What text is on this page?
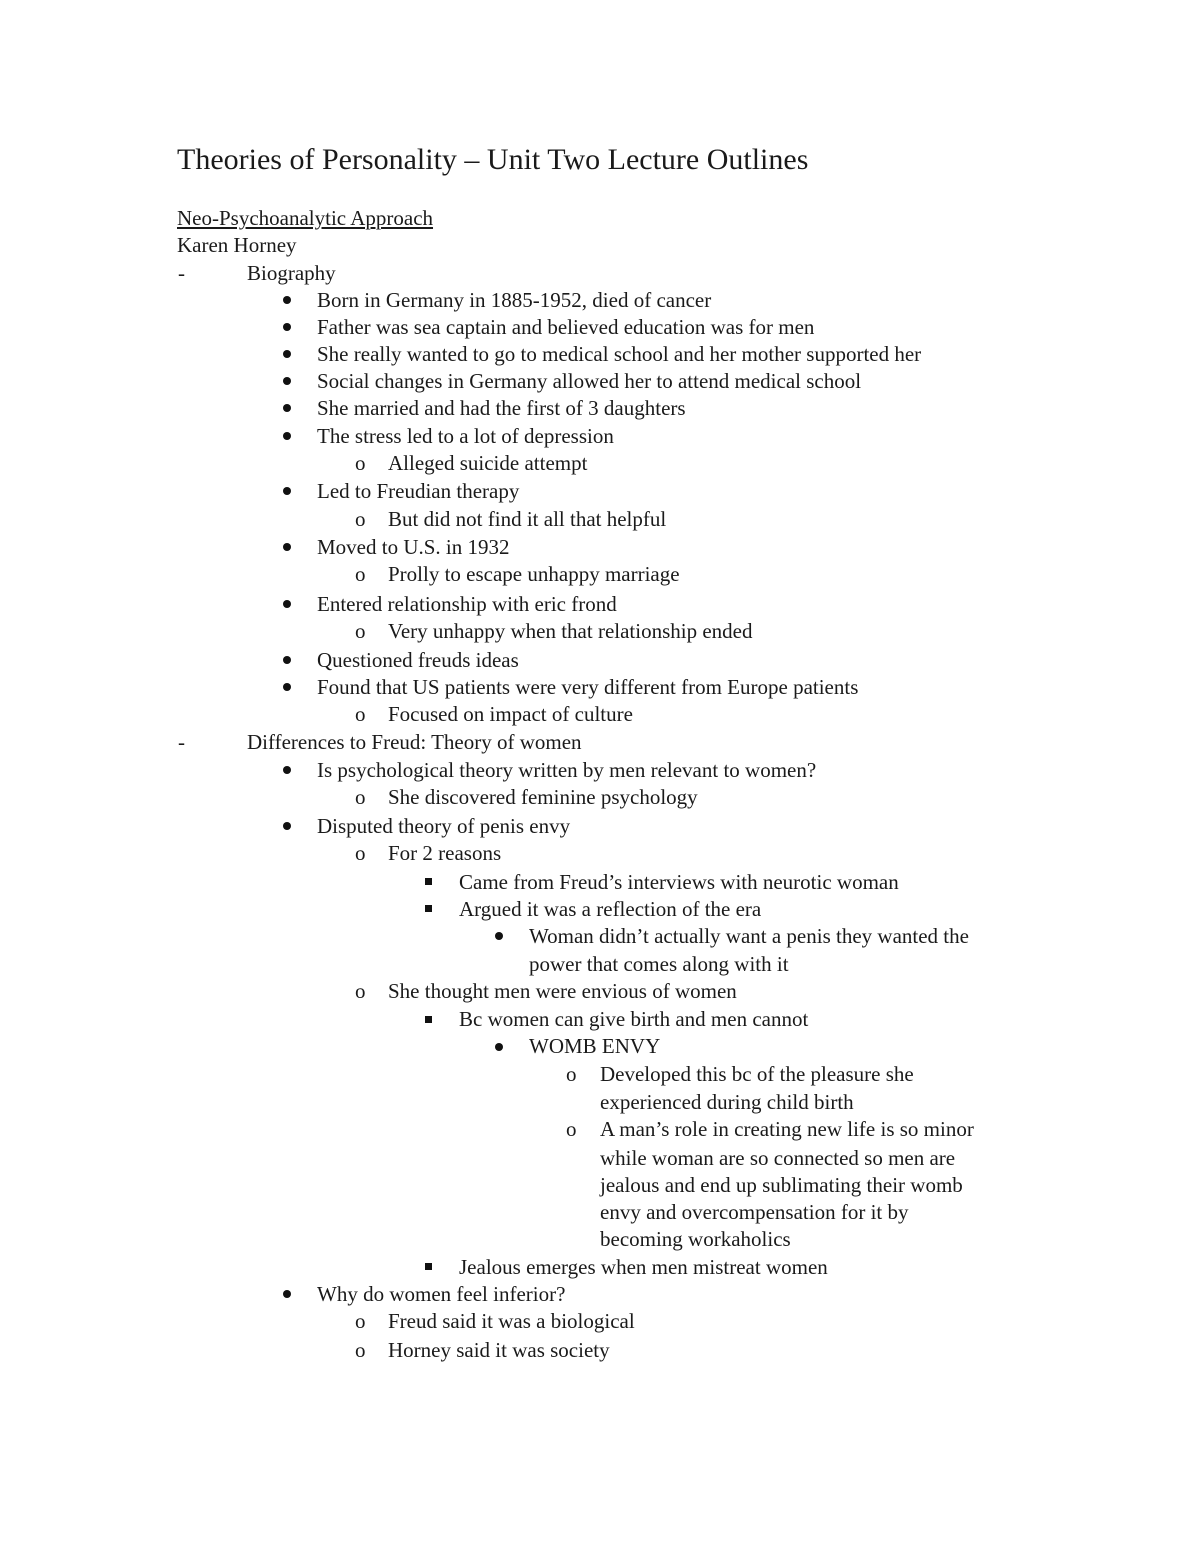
Theories of Personality – Unit Two Lecture Outlines
Neo-Psychoanalytic Approach
Karen Horney
-	Biography
Born in Germany in 1885-1952, died of cancer
Father was sea captain and believed education was for men
She really wanted to go to medical school and her mother supported her
Social changes in Germany allowed her to attend medical school
She married and had the first of 3 daughters
The stress led to a lot of depression
o Alleged suicide attempt
Led to Freudian therapy
o But did not find it all that helpful
Moved to U.S. in 1932
o Prolly to escape unhappy marriage
Entered relationship with eric frond
o Very unhappy when that relationship ended
Questioned freuds ideas
Found that US patients were very different from Europe patients
o Focused on impact of culture
-	Differences to Freud: Theory of women
Is psychological theory written by men relevant to women?
o She discovered feminine psychology
Disputed theory of penis envy
o For 2 reasons
Came from Freud’s interviews with neurotic woman
Argued it was a reflection of the era
Woman didn’t actually want a penis they wanted the
power that comes along with it
o She thought men were envious of women
Bc women can give birth and men cannot
WOMB ENVY
o Developed this bc of the pleasure she
experienced during child birth
o A man’s role in creating new life is so minor
while woman are so connected so men are
jealous and end up sublimating their womb
envy and overcompensation for it by
becoming workaholics
Jealous emerges when men mistreat women
Why do women feel inferior?
o Freud said it was a biological
o Horney said it was society
